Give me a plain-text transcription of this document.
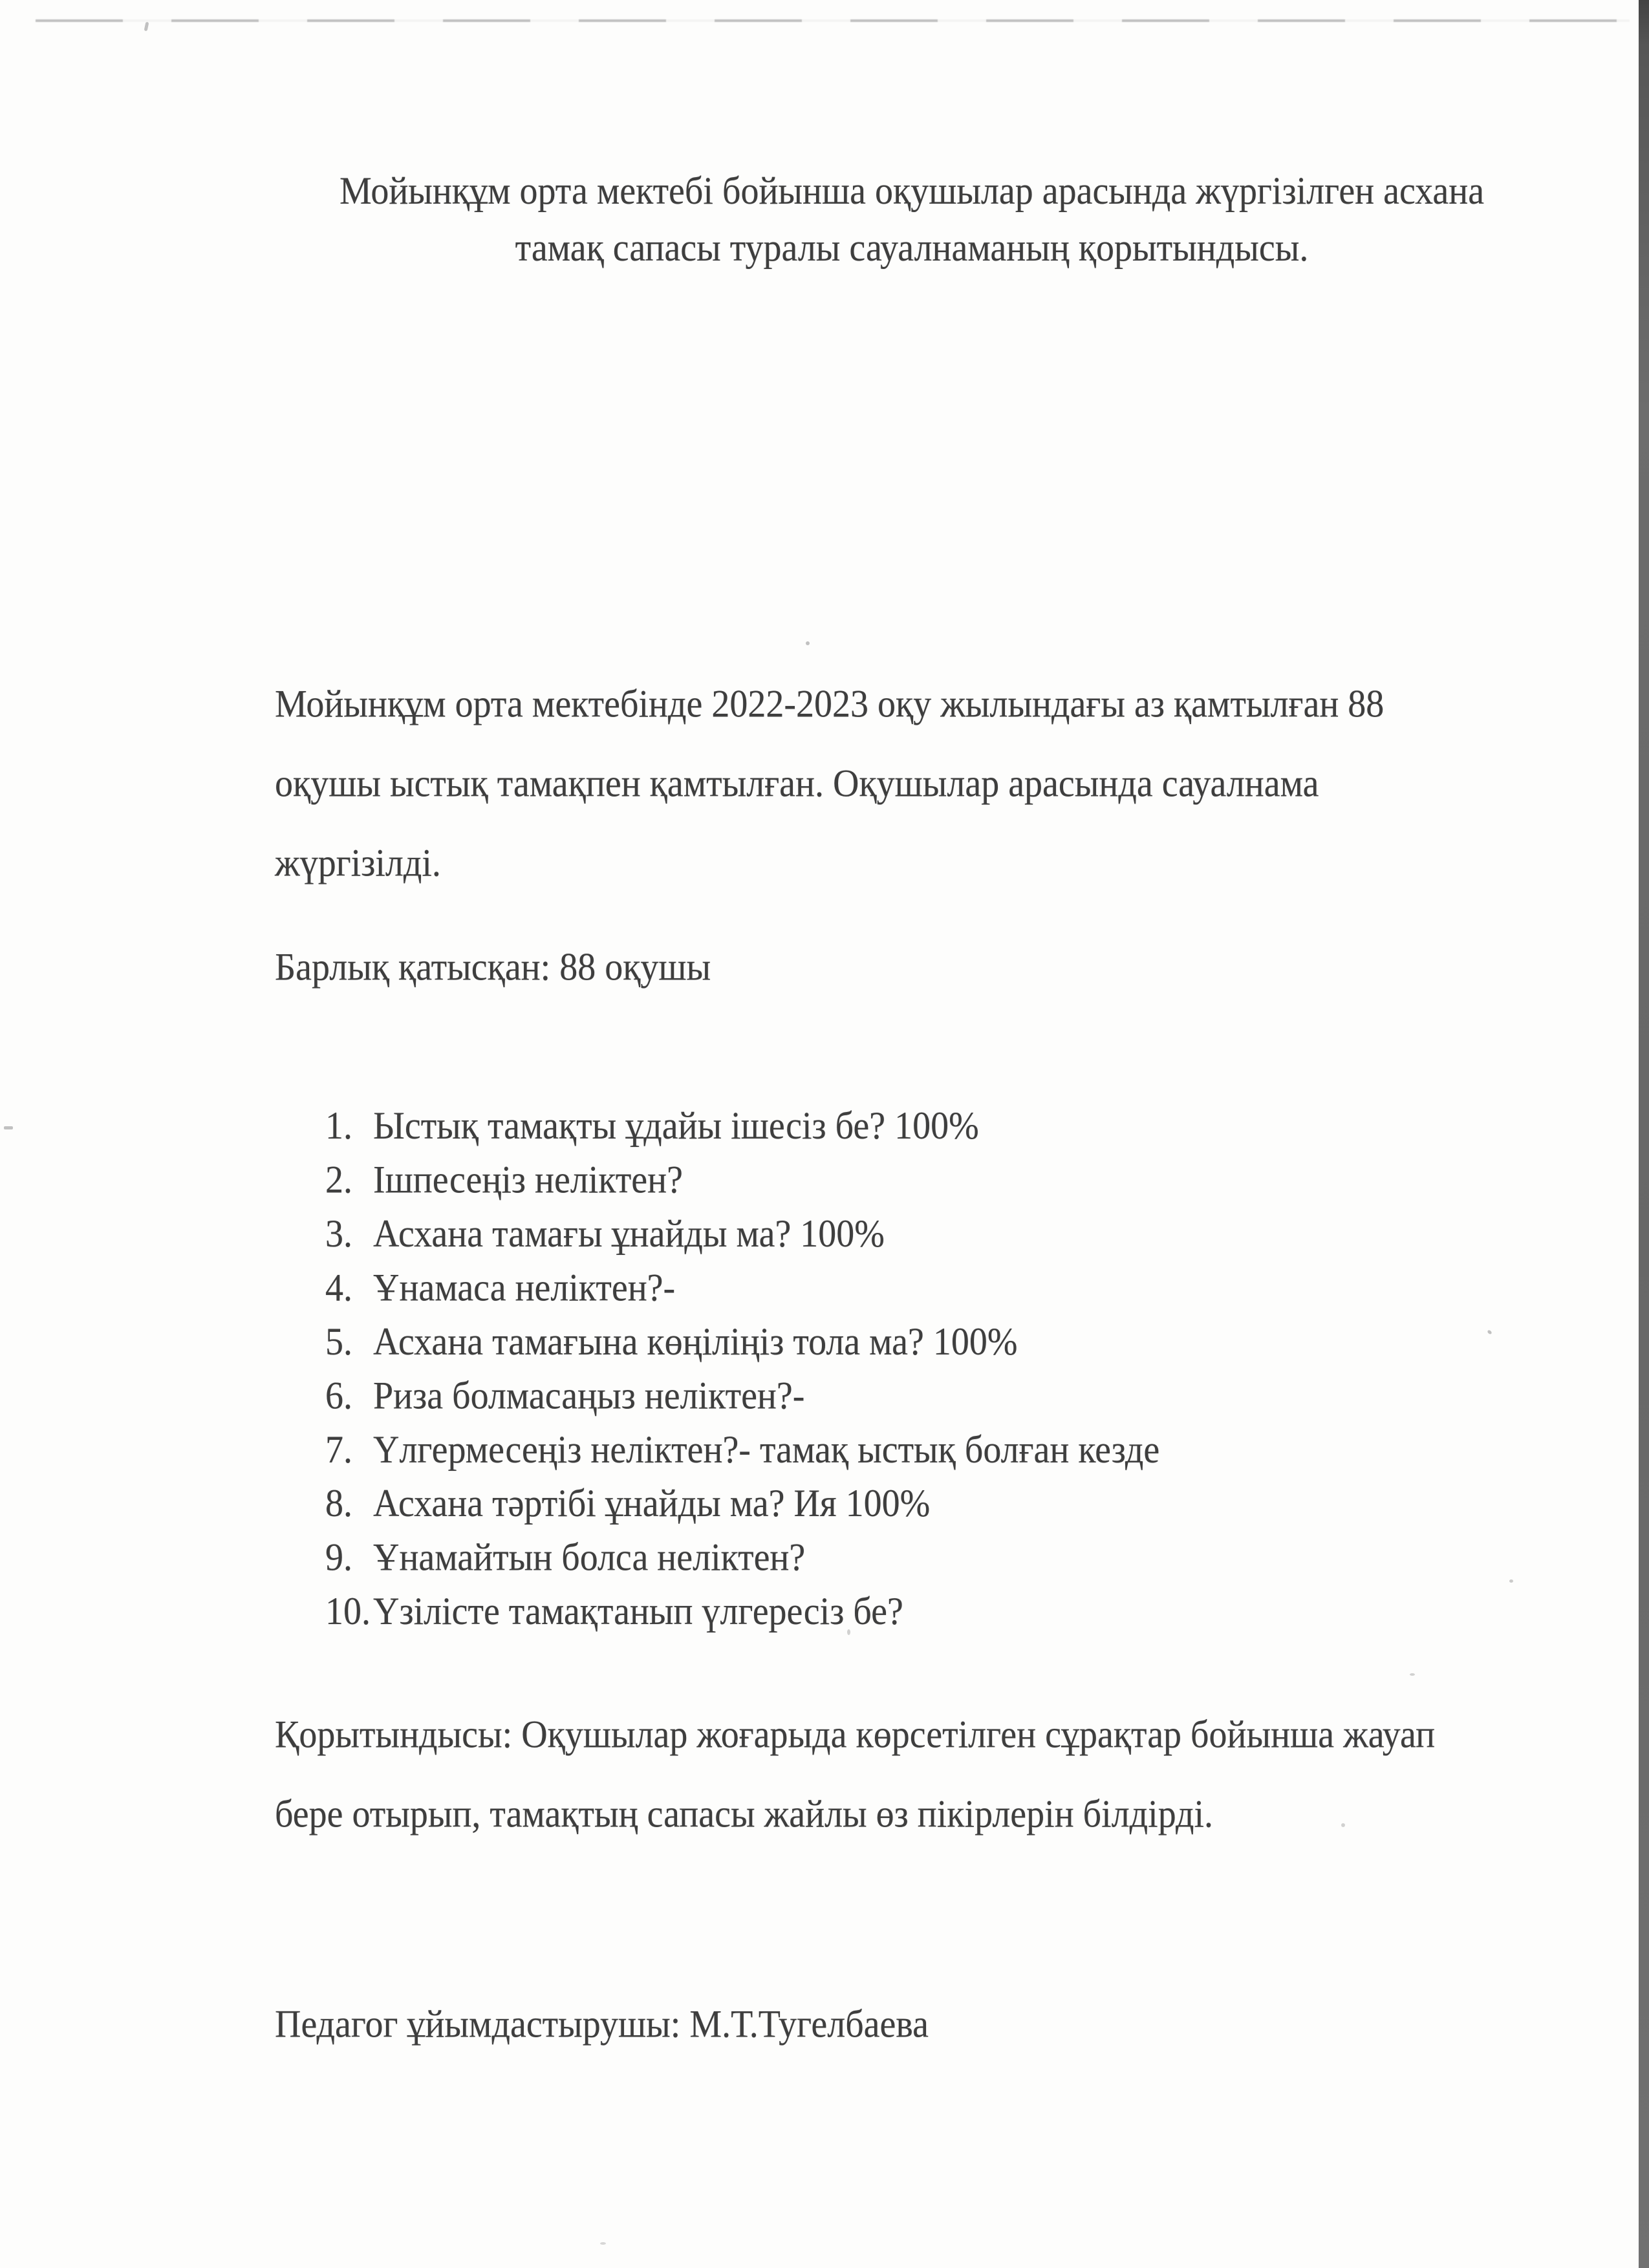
Мойынқұм орта мектебі бойынша оқушылар арасында жүргізілген асхана
тамақ сапасы туралы сауалнаманың қорытындысы.
Мойынқұм орта мектебінде 2022-2023 оқу жылындағы аз қамтылған 88
оқушы ыстық тамақпен қамтылған. Оқушылар арасында сауалнама
жүргізілді.
Барлық қатысқан: 88 оқушы
1. Ыстық тамақты ұдайы ішесіз бе? 100%
2. Ішпесеңіз неліктен?
3. Асхана тамағы ұнайды ма? 100%
4. Ұнамаса неліктен?-
5. Асхана тамағына көңіліңіз тола ма? 100%
6. Риза болмасаңыз неліктен?-
7. Үлгермесеңіз неліктен?- тамақ ыстық болған кезде
8. Асхана тәртібі ұнайды ма? Ия 100%
9. Ұнамайтын болса неліктен?
10. Үзілісте тамақтанып үлгересіз бе?
Қорытындысы: Оқушылар жоғарыда көрсетілген сұрақтар бойынша жауап
бере отырып, тамақтың сапасы жайлы өз пікірлерін білдірді.
Педагог ұйымдастырушы: М.Т.Тугелбаева
